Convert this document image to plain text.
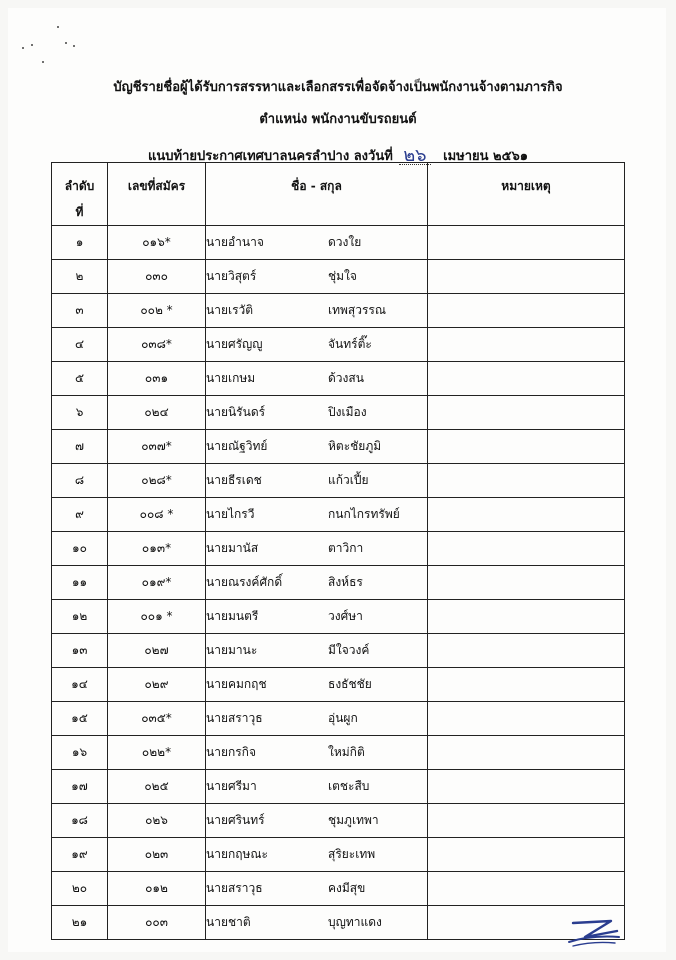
บัญชีรายชื่อผู้ได้รับการสรรหาและเลือกสรรเพื่อจัดจ้างเป็นพนักงานจ้างตามภารกิจ
ตำแหน่ง พนักงานขับรถยนต์
แนบท้ายประกาศเทศบาลนครลำปาง ลงวันที่ ๒๖ เมษายน ๒๕๖๑
ลำดับ
ที่	เลขที่สมัคร	ชื่อ - สกุล	หมายเหตุ

๑	๐๑๖*	นายอำนาจ ดวงใย	
๒	๐๓๐	นายวิสุตร์ ชุ่มใจ	
๓	๐๐๒ *	นายเรวัติ เทพสุวรรณ	
๔	๐๓๘*	นายศรัญญู จันทร์ติ๊ะ	
๕	๐๓๑	นายเกษม ด้วงสน	
๖	๐๒๔	นายนิรันดร์ ปิงเมือง	
๗	๐๓๗*	นายณัฐวิทย์ หิตะชัยภูมิ	
๘	๐๒๘*	นายธีรเดช แก้วเปี้ย	
๙	๐๐๘ *	นายไกรวี กนกไกรทรัพย์	
๑๐	๐๑๓*	นายมานัส ตาวิกา	
๑๑	๐๑๙*	นายณรงค์ศักดิ์ สิงห์ธร	
๑๒	๐๐๑ *	นายมนตรี วงศ์ษา	
๑๓	๐๒๗	นายมานะ มีใจวงค์	
๑๔	๐๒๙	นายคมกฤช ธงธัชชัย	
๑๕	๐๓๕*	นายสราวุธ อุ่นผูก	
๑๖	๐๒๒*	นายกรกิจ ใหม่กิติ	
๑๗	๐๒๕	นายศรีมา เตชะสืบ	
๑๘	๐๒๖	นายศรินทร์ ชุมภูเทพา	
๑๙	๐๒๓	นายกฤษณะ สุริยะเทพ	
๒๐	๐๑๒	นายสราวุธ คงมีสุข	
๒๑	๐๐๓	นายชาติ บุญทาแดง	
